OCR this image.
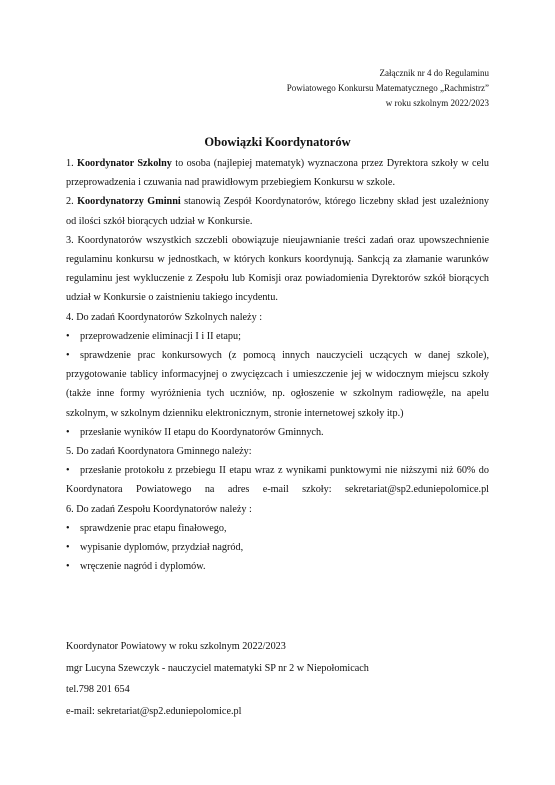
Załącznik nr 4 do Regulaminu
Powiatowego Konkursu Matematycznego „Rachmistrz”
w roku szkolnym 2022/2023
Obowiązki Koordynatorów

1. Koordynator Szkolny to osoba (najlepiej matematyk) wyznaczona przez Dyrektora szkoły w celu przeprowadzenia i czuwania nad prawidłowym przebiegiem Konkursu w szkole.

2. Koordynatorzy Gminni stanowią Zespół Koordynatorów, którego liczebny skład jest uzależniony od ilości szkół biorących udział w Konkursie.

3. Koordynatorów wszystkich szczebli obowiązuje nieujawnianie treści zadań oraz upowszechnienie regulaminu konkursu w jednostkach, w których konkurs koordynują. Sankcją za złamanie warunków regulaminu jest wykluczenie z Zespołu lub Komisji oraz powiadomienia Dyrektorów szkół biorących udział w Konkursie o zaistnieniu takiego incydentu.

4. Do zadań Koordynatorów Szkolnych należy :

• przeprowadzenie eliminacji I i II etapu;

• sprawdzenie prac konkursowych (z pomocą innych nauczycieli uczących w danej szkole), przygotowanie tablicy informacyjnej o zwycięzcach i umieszczenie jej w widocznym miejscu szkoły (także inne formy wyróżnienia tych uczniów, np. ogłoszenie w szkolnym radiowęźle, na apelu szkolnym, w szkolnym dzienniku elektronicznym, stronie internetowej szkoły itp.)

• przesłanie wyników II etapu do Koordynatorów Gminnych.

5. Do zadań Koordynatora Gminnego należy:

• przesłanie protokołu z przebiegu II etapu wraz z wynikami punktowymi nie niższymi niż 60% do Koordynatora Powiatowego na adres e-mail szkoły: sekretariat@sp2.eduniepolomice.pl

6. Do zadań Zespołu Koordynatorów należy :

• sprawdzenie prac etapu finałowego,

• wypisanie dyplomów, przydział nagród,

• wręczenie nagród i dyplomów.

Koordynator Powiatowy w roku szkolnym 2022/2023
mgr Lucyna Szewczyk - nauczyciel matematyki SP nr 2 w Niepołomicach
tel.798 201 654
e-mail: sekretariat@sp2.eduniepolomice.pl
